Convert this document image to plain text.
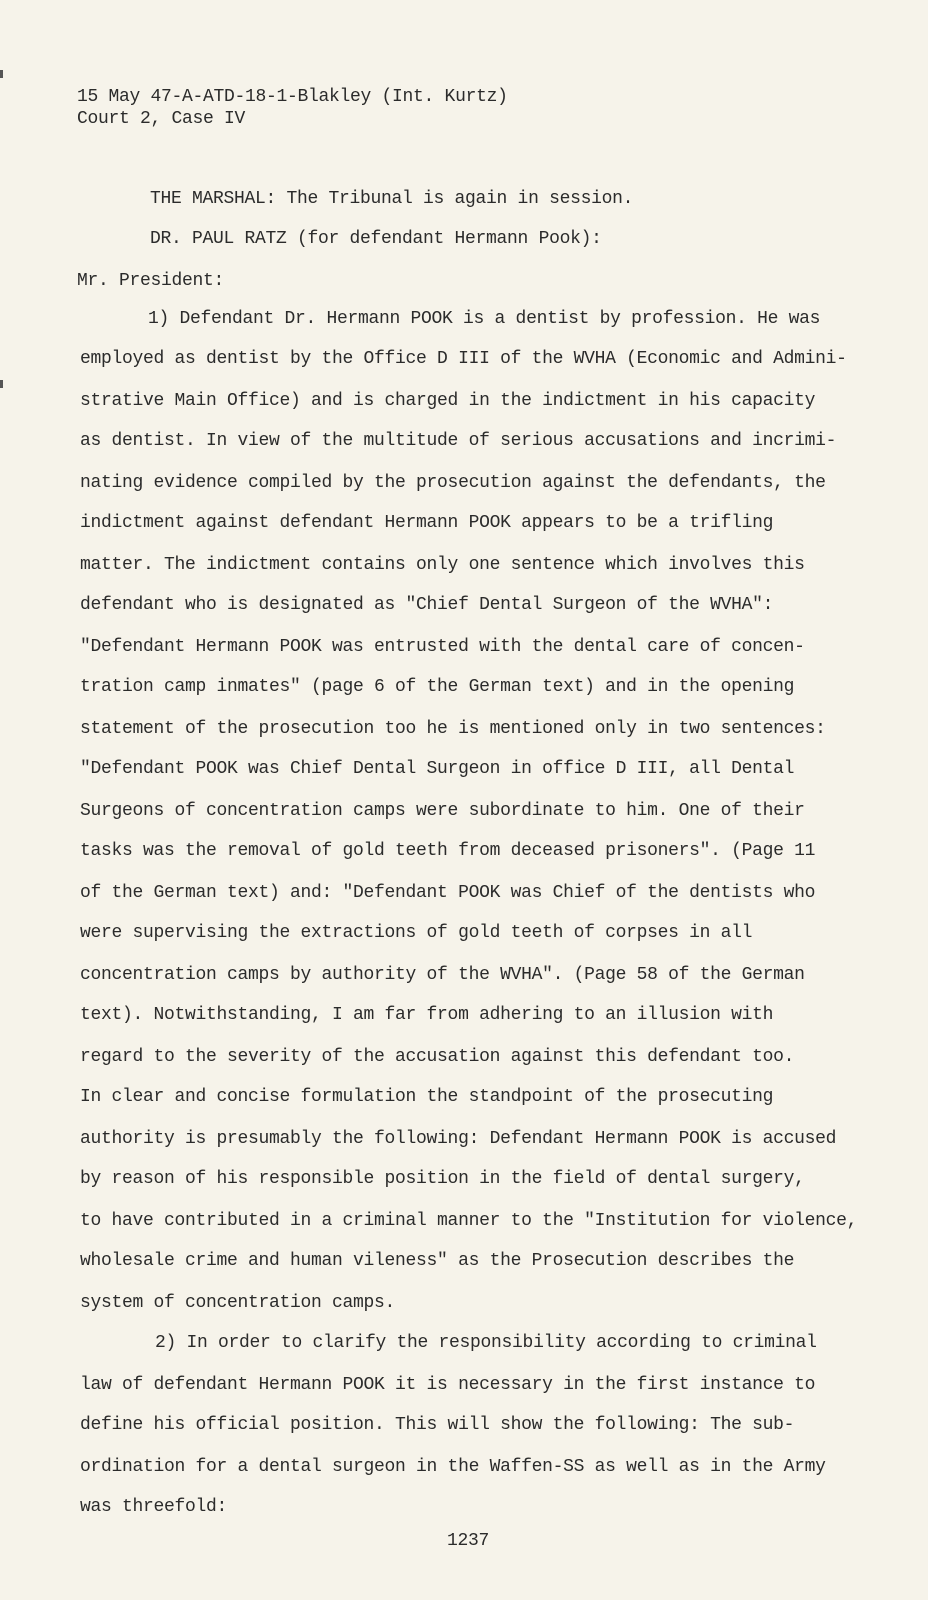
15 May 47-A-ATD-18-1-Blakley (Int. Kurtz)
Court 2, Case IV
THE MARSHAL: The Tribunal is again in session.
DR. PAUL RATZ (for defendant Hermann Pook):
Mr. President:
1) Defendant Dr. Hermann POOK is a dentist by profession. He was
employed as dentist by the Office D III of the WVHA (Economic and Admini-
strative Main Office) and is charged in the indictment in his capacity
as dentist. In view of the multitude of serious accusations and incrimi-
nating evidence compiled by the prosecution against the defendants, the
indictment against defendant Hermann POOK appears to be a trifling
matter. The indictment contains only one sentence which involves this
defendant who is designated as "Chief Dental Surgeon of the WVHA":
"Defendant Hermann POOK was entrusted with the dental care of concen-
tration camp inmates" (page 6 of the German text) and in the opening
statement of the prosecution too he is mentioned only in two sentences:
"Defendant POOK was Chief Dental Surgeon in office D III, all Dental
Surgeons of concentration camps were subordinate to him. One of their
tasks was the removal of gold teeth from deceased prisoners". (Page 11
of the German text) and: "Defendant POOK was Chief of the dentists who
were supervising the extractions of gold teeth of corpses in all
concentration camps by authority of the WVHA". (Page 58 of the German
text). Notwithstanding, I am far from adhering to an illusion with
regard to the severity of the accusation against this defendant too.
In clear and concise formulation the standpoint of the prosecuting
authority is presumably the following: Defendant Hermann POOK is accused
by reason of his responsible position in the field of dental surgery,
to have contributed in a criminal manner to the "Institution for violence,
wholesale crime and human vileness" as the Prosecution describes the
system of concentration camps.
2) In order to clarify the responsibility according to criminal
law of defendant Hermann POOK it is necessary in the first instance to
define his official position. This will show the following: The sub-
ordination for a dental surgeon in the Waffen-SS as well as in the Army
was threefold:
1237
